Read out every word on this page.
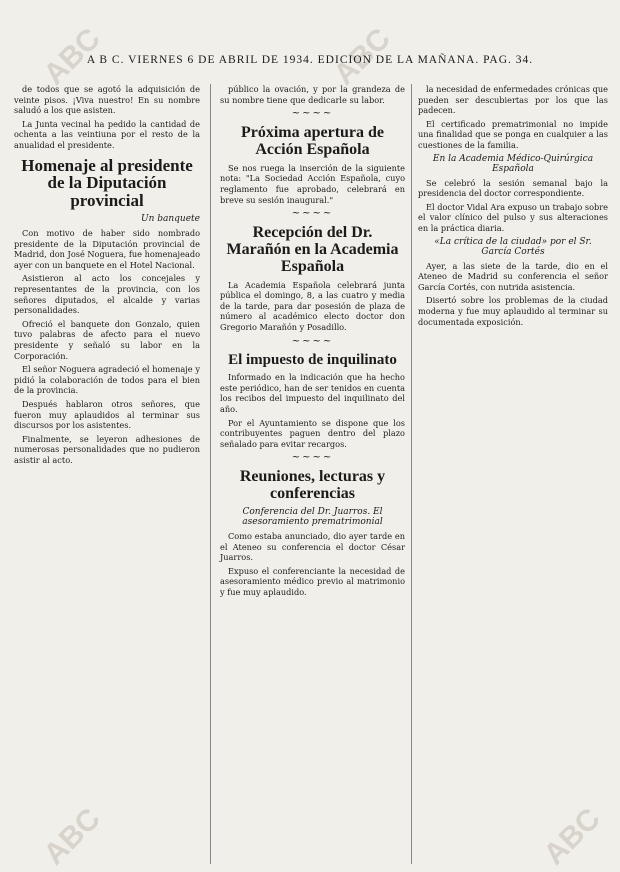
ABC	ABC
ABC	ABC
A B C. VIERNES 6 DE ABRIL DE 1934. EDICION DE LA MAÑANA. PAG. 34.

de todos que se agotó la adquisición de veinte pisos. ¡Viva nuestro! En su nombre saludó a los que asisten.

La Junta vecinal ha pedido la cantidad de ochenta a las veintiuna por el resto de la anualidad el presidente.

Homenaje al presidente de la Diputación provincial
Un banquete

Con motivo de haber sido nombrado presidente de la Diputación provincial de Madrid, don José Noguera, fue homenajeado ayer con un banquete en el Hotel Nacional.

Asistieron al acto los concejales y representantes de la provincia, con los señores diputados, el alcalde y varias personalidades.

Ofreció el banquete don Gonzalo, quien tuvo palabras de afecto para el nuevo presidente y señaló su labor en la Corporación.

El señor Noguera agradeció el homenaje y pidió la colaboración de todos para el bien de la provincia.

Después hablaron otros señores, que fueron muy aplaudidos al terminar sus discursos por los asistentes.

Finalmente, se leyeron adhesiones de numerosas personalidades que no pudieron asistir al acto.

público la ovación, y por la grandeza de su nombre tiene que dedicarle su labor.

~~~~
Próxima apertura de Acción Española

Se nos ruega la inserción de la siguiente nota: "La Sociedad Acción Española, cuyo reglamento fue aprobado, celebrará en breve su sesión inaugural."

~~~~
Recepción del Dr. Marañón en la Academia Española

La Academia Española celebrará junta pública el domingo, 8, a las cuatro y media de la tarde, para dar posesión de plaza de número al académico electo doctor don Gregorio Marañón y Posadillo.

~~~~
El impuesto de inquilinato

Informado en la indicación que ha hecho este periódico, han de ser tenidos en cuenta los recibos del impuesto del inquilinato del año.

Por el Ayuntamiento se dispone que los contribuyentes paguen dentro del plazo señalado para evitar recargos.

~~~~
Reuniones, lecturas y conferencias
Conferencia del Dr. Juarros. El asesoramiento prematrimonial

Como estaba anunciado, dio ayer tarde en el Ateneo su conferencia el doctor César Juarros.

Expuso el conferenciante la necesidad de asesoramiento médico previo al matrimonio y fue muy aplaudido.

la necesidad de enfermedades crónicas que pueden ser descubiertas por los que las padecen.

El certificado prematrimonial no impide una finalidad que se ponga en cualquier a las cuestiones de la familia.

En la Academia Médico-Quirúrgica Española

Se celebró la sesión semanal bajo la presidencia del doctor correspondiente.

El doctor Vidal Ara expuso un trabajo sobre el valor clínico del pulso y sus alteraciones en la práctica diaria.

«La crítica de la ciudad» por el Sr. García Cortés

Ayer, a las siete de la tarde, dio en el Ateneo de Madrid su conferencia el señor García Cortés, con nutrida asistencia.

Disertó sobre los problemas de la ciudad moderna y fue muy aplaudido al terminar su documentada exposición.
